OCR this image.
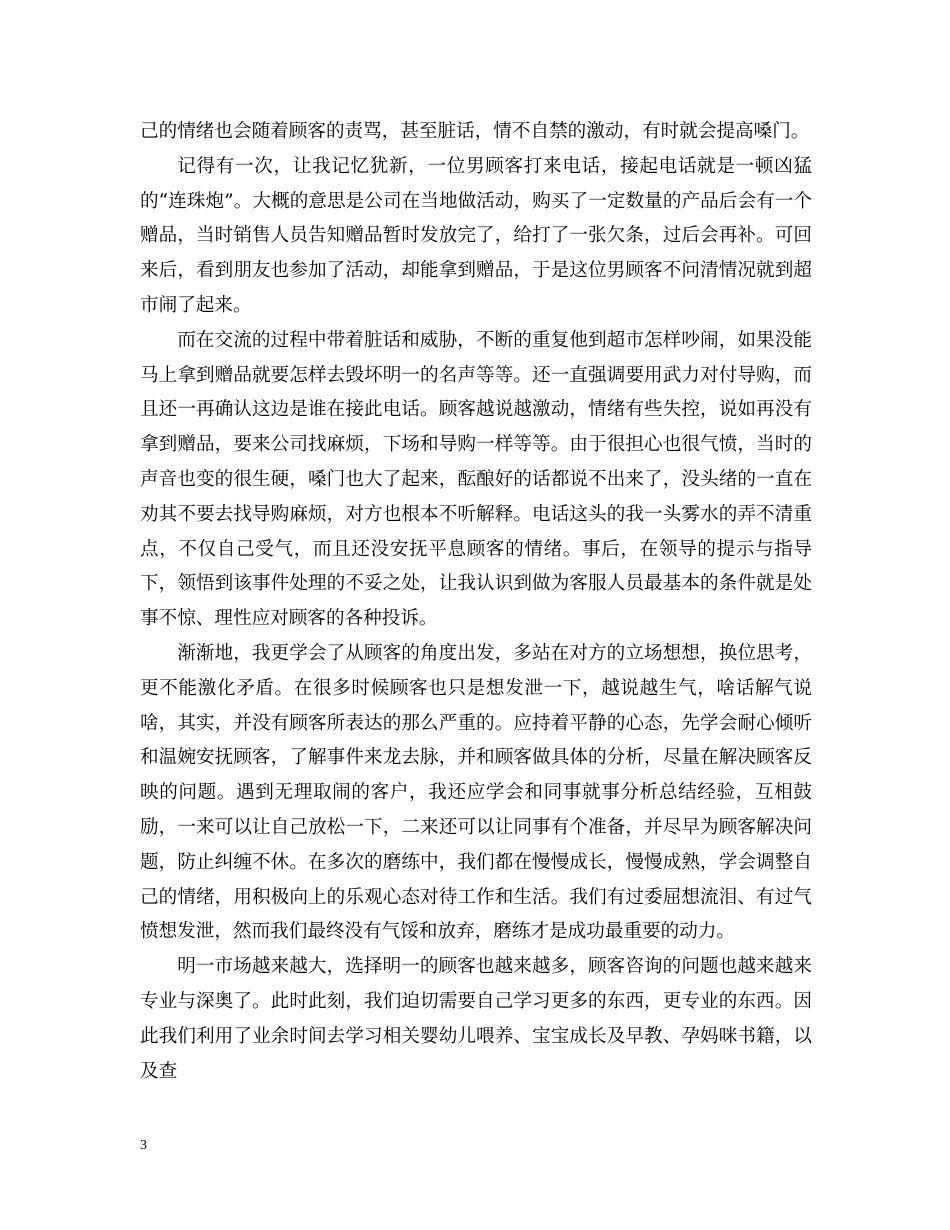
己的情绪也会随着顾客的责骂，甚至脏话，情不自禁的激动，有时就会提高嗓门。

记得有一次，让我记忆犹新，一位男顾客打来电话，接起电话就是一顿凶猛的“连珠炮”。大概的意思是公司在当地做活动，购买了一定数量的产品后会有一个赠品，当时销售人员告知赠品暂时发放完了，给打了一张欠条，过后会再补。可回来后，看到朋友也参加了活动，却能拿到赠品，于是这位男顾客不问清情况就到超市闹了起来。

而在交流的过程中带着脏话和威胁，不断的重复他到超市怎样吵闹，如果没能马上拿到赠品就要怎样去毁坏明一的名声等等。还一直强调要用武力对付导购，而且还一再确认这边是谁在接此电话。顾客越说越激动，情绪有些失控，说如再没有拿到赠品，要来公司找麻烦，下场和导购一样等等。由于很担心也很气愤，当时的声音也变的很生硬，嗓门也大了起来，酝酿好的话都说不出来了，没头绪的一直在劝其不要去找导购麻烦，对方也根本不听解释。电话这头的我一头雾水的弄不清重点，不仅自己受气，而且还没安抚平息顾客的情绪。事后，在领导的提示与指导下，领悟到该事件处理的不妥之处，让我认识到做为客服人员最基本的条件就是处事不惊、理性应对顾客的各种投诉。

渐渐地，我更学会了从顾客的角度出发，多站在对方的立场想想，换位思考，更不能激化矛盾。在很多时候顾客也只是想发泄一下，越说越生气，啥话解气说啥，其实，并没有顾客所表达的那么严重的。应持着平静的心态，先学会耐心倾听和温婉安抚顾客，了解事件来龙去脉，并和顾客做具体的分析，尽量在解决顾客反映的问题。遇到无理取闹的客户，我还应学会和同事就事分析总结经验，互相鼓励，一来可以让自己放松一下，二来还可以让同事有个准备，并尽早为顾客解决问题，防止纠缠不休。在多次的磨练中，我们都在慢慢成长，慢慢成熟，学会调整自己的情绪，用积极向上的乐观心态对待工作和生活。我们有过委屈想流泪、有过气愤想发泄，然而我们最终没有气馁和放弃，磨练才是成功最重要的动力。

明一市场越来越大，选择明一的顾客也越来越多，顾客咨询的问题也越来越来专业与深奥了。此时此刻，我们迫切需要自己学习更多的东西，更专业的东西。因此我们利用了业余时间去学习相关婴幼儿喂养、宝宝成长及早教、孕妈咪书籍，以及查

3
